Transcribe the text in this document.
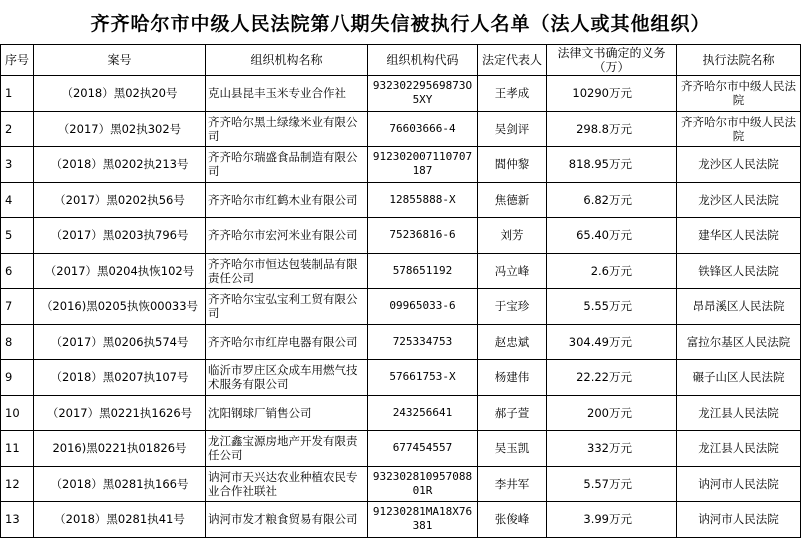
齐齐哈尔市中级人民法院第八期失信被执行人名单（法人或其他组织）
序号	案号	组织机构名称	组织机构代码	法定代表人	法律文书确定的义务（万）	执行法院名称
1	（2018）黑02执20号	克山县昆丰玉米专业合作社	93230229569873O5XY	王孝成	10290万元	齐齐哈尔市中级人民法院
2	（2017）黑02执302号	齐齐哈尔黑土绿缘米业有限公司	76603666-4	吴剑评	298.8万元	齐齐哈尔市中级人民法院
3	（2018）黑0202执213号	齐齐哈尔瑞盛食品制造有限公司	912302007110707187	閻仲黎	818.95万元	龙沙区人民法院
4	（2017）黑0202执56号	齐齐哈尔市红鹤木业有限公司	12855888-X	焦德新	6.82万元	龙沙区人民法院
5	（2017）黑0203执796号	齐齐哈尔市宏河米业有限公司	75236816-6	刘芳	65.40万元	建华区人民法院
6	（2017）黑0204执恢102号	齐齐哈尔市恒达包装制品有限责任公司	578651192	冯立峰	2.6万元	铁锋区人民法院
7	（2016)黑0205执恢00033号	齐齐哈尔宝弘宝利工贸有限公司	09965033-6	于宝珍	5.55万元	昂昂溪区人民法院
8	（2017）黑0206执574号	齐齐哈尔市红岸电器有限公司	725334753	赵忠斌	304.49万元	富拉尔基区人民法院
9	（2018）黑0207执107号	临沂市罗庄区众成车用燃气技术服务有限公司	57661753-X	杨建伟	22.22万元	碾子山区人民法院
10	（2017）黑0221执1626号	沈阳钢球厂销售公司	243256641	郝子萱	200万元	龙江县人民法院
11	2016)黑0221执01826号	龙江鑫宝源房地产开发有限责任公司	677454557	吴玉凯	332万元	龙江县人民法院
12	（2018）黑0281执166号	讷河市天兴达农业种植农民专业合作社联社	93230281095708801R	李井军	5.57万元	讷河市人民法院
13	（2018）黑0281执41号	讷河市发才粮食贸易有限公司	91230281MA18X76381	张俊峰	3.99万元	讷河市人民法院
